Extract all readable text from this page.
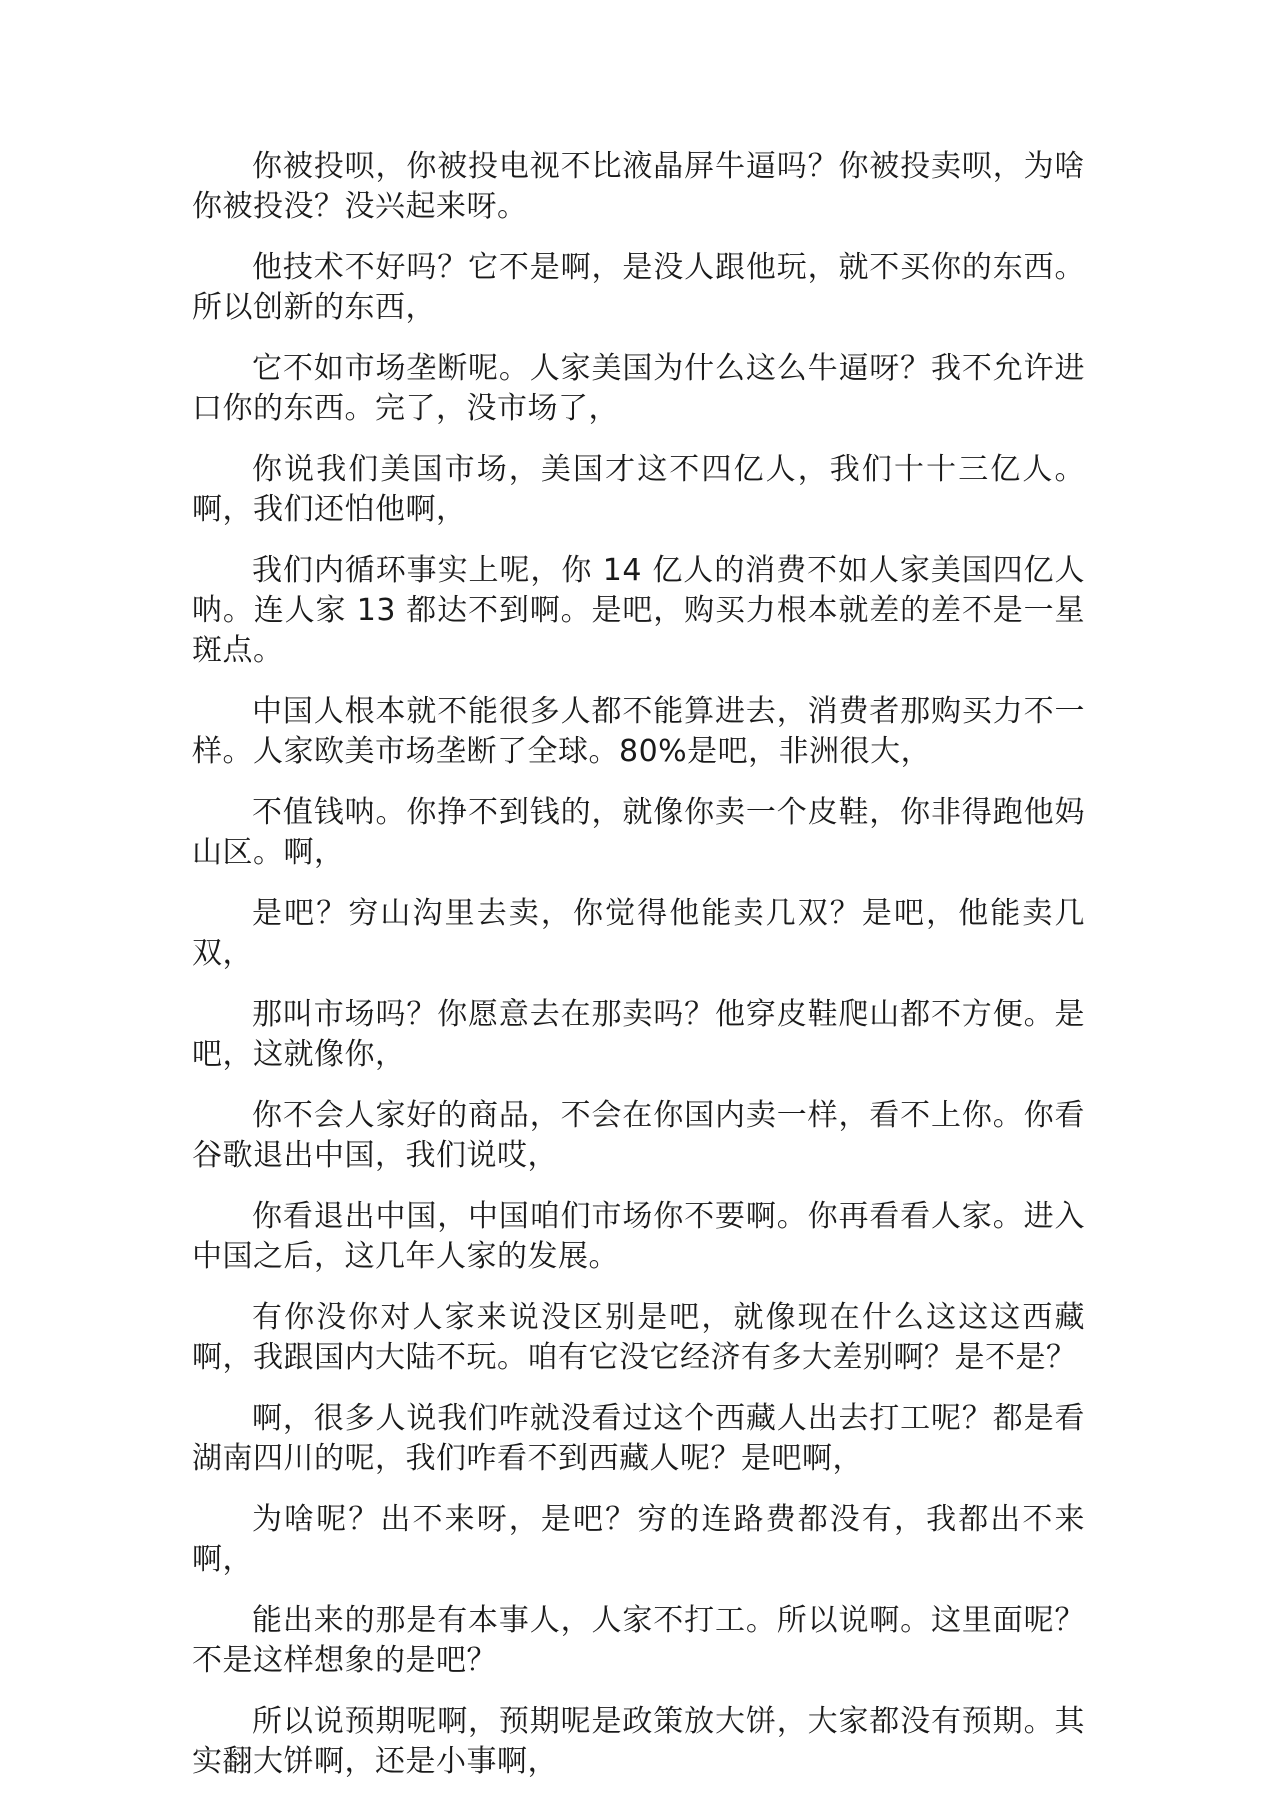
你被投呗，你被投电视不比液晶屏牛逼吗？你被投卖呗，为啥你被投没？没兴起来呀。

他技术不好吗？它不是啊，是没人跟他玩，就不买你的东西。所以创新的东西，

它不如市场垄断呢。人家美国为什么这么牛逼呀？我不允许进口你的东西。完了，没市场了，

你说我们美国市场，美国才这不四亿人，我们十十三亿人。啊，我们还怕他啊，

我们内循环事实上呢，你 14 亿人的消费不如人家美国四亿人呐。连人家 13 都达不到啊。是吧，购买力根本就差的差不是一星斑点。

中国人根本就不能很多人都不能算进去，消费者那购买力不一样。人家欧美市场垄断了全球。80%是吧，非洲很大，

不值钱呐。你挣不到钱的，就像你卖一个皮鞋，你非得跑他妈山区。啊，

是吧？穷山沟里去卖，你觉得他能卖几双？是吧，他能卖几双，

那叫市场吗？你愿意去在那卖吗？他穿皮鞋爬山都不方便。是吧，这就像你，

你不会人家好的商品，不会在你国内卖一样，看不上你。你看谷歌退出中国，我们说哎，

你看退出中国，中国咱们市场你不要啊。你再看看人家。进入中国之后，这几年人家的发展。

有你没你对人家来说没区别是吧，就像现在什么这这这西藏啊，我跟国内大陆不玩。咱有它没它经济有多大差别啊？是不是？

啊，很多人说我们咋就没看过这个西藏人出去打工呢？都是看湖南四川的呢，我们咋看不到西藏人呢？是吧啊，

为啥呢？出不来呀，是吧？穷的连路费都没有，我都出不来啊，

能出来的那是有本事人，人家不打工。所以说啊。这里面呢？不是这样想象的是吧？

所以说预期呢啊，预期呢是政策放大饼，大家都没有预期。其实翻大饼啊，还是小事啊，
